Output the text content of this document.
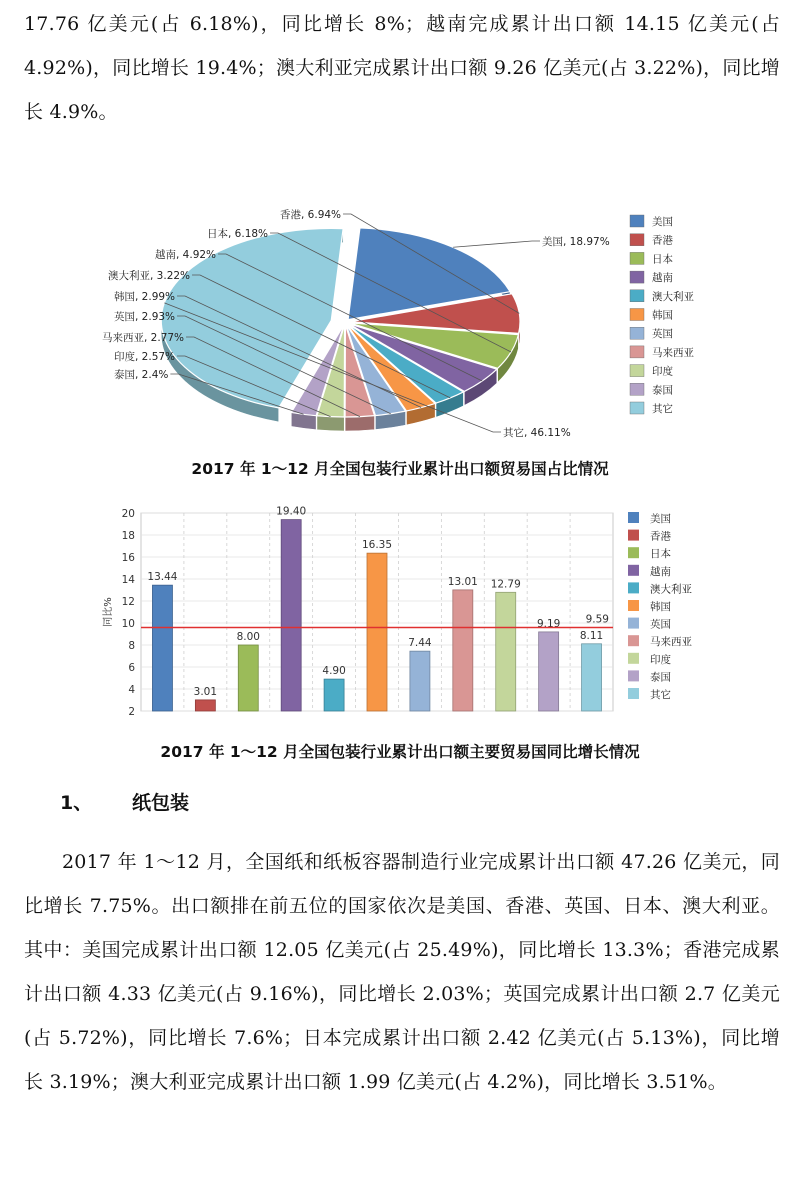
17.76 亿美元(占 6.18%)，同比增长 8%；越南完成累计出口额 14.15 亿美元(占 4.92%)，同比增长 19.4%；澳大利亚完成累计出口额 9.26 亿美元(占 3.22%)，同比增长 4.9%。

美国, 18.97%
香港, 6.94%
日本, 6.18%
越南, 4.92%
澳大利亚, 3.22%
韩国, 2.99%
英国, 2.93%
马来西亚, 2.77%
印度, 2.57%
泰国, 2.4%
其它, 46.11%
美国
香港
日本
越南
澳大利亚
韩国
英国
马来西亚
印度
泰国
其它
2017 年 1～12 月全国包装行业累计出口额贸易国占比情况
2
4
6
8
10
12
14
16
18
20
同比%
13.44
3.01
8.00
19.40
4.90
16.35
7.44
13.01 12.79
9.19
8.11
9.59
美国
香港
日本
越南
澳大利亚
韩国
英国
马来西亚
印度
泰国
其它
2017 年 1～12 月全国包装行业累计出口额主要贸易国同比增长情况
1、 纸包装

2017 年 1～12 月，全国纸和纸板容器制造行业完成累计出口额 47.26 亿美元，同比增长 7.75%。出口额排在前五位的国家依次是美国、香港、英国、日本、澳大利亚。其中：美国完成累计出口额 12.05 亿美元(占 25.49%)，同比增长 13.3%；香港完成累计出口额 4.33 亿美元(占 9.16%)，同比增长 2.03%；英国完成累计出口额 2.7 亿美元(占 5.72%)，同比增长 7.6%；日本完成累计出口额 2.42 亿美元(占 5.13%)，同比增长 3.19%；澳大利亚完成累计出口额 1.99 亿美元(占 4.2%)，同比增长 3.51%。
